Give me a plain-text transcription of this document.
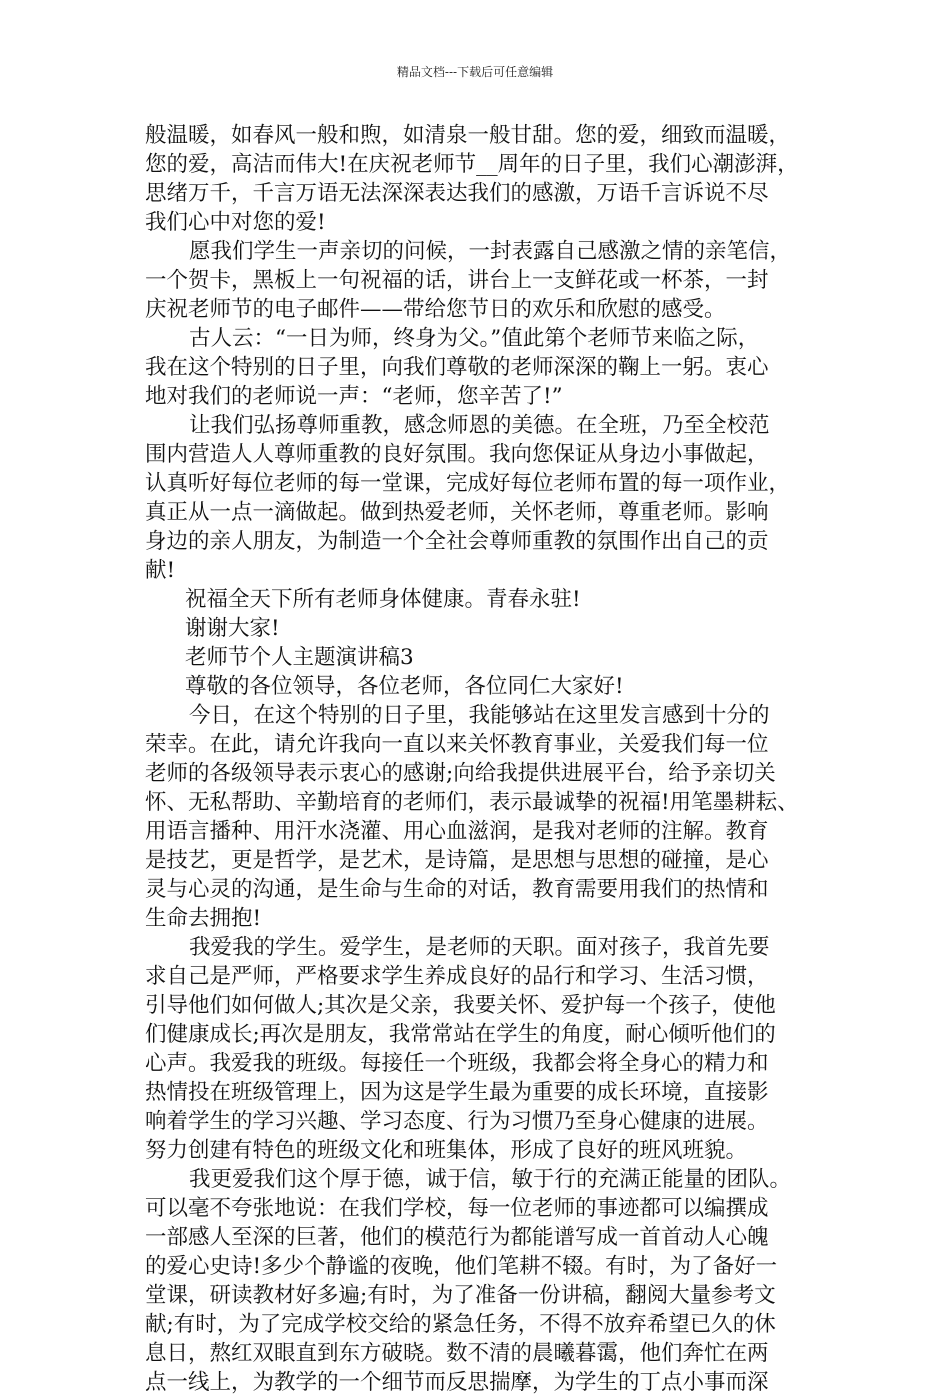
精品文档---下载后可任意编辑
般温暖，如春风一般和煦，如清泉一般甘甜。您的爱，细致而温暖，
您的爱，高洁而伟大!在庆祝老师节__周年的日子里，我们心潮澎湃，
思绪万千，千言万语无法深深表达我们的感激，万语千言诉说不尽
我们心中对您的爱!
愿我们学生一声亲切的问候，一封表露自己感激之情的亲笔信，
一个贺卡，黑板上一句祝福的话，讲台上一支鲜花或一杯茶，一封
庆祝老师节的电子邮件——带给您节日的欢乐和欣慰的感受。
古人云：“一日为师，终身为父。”值此第个老师节来临之际，
我在这个特别的日子里，向我们尊敬的老师深深的鞠上一躬。衷心
地对我们的老师说一声：“老师，您辛苦了!”
让我们弘扬尊师重教，感念师恩的美德。在全班，乃至全校范
围内营造人人尊师重教的良好氛围。我向您保证从身边小事做起，
认真听好每位老师的每一堂课，完成好每位老师布置的每一项作业，
真正从一点一滴做起。做到热爱老师，关怀老师，尊重老师。影响
身边的亲人朋友，为制造一个全社会尊师重教的氛围作出自己的贡
献!
祝福全天下所有老师身体健康。青春永驻!
谢谢大家!
老师节个人主题演讲稿3
尊敬的各位领导，各位老师，各位同仁大家好!
今日，在这个特别的日子里，我能够站在这里发言感到十分的
荣幸。在此，请允许我向一直以来关怀教育事业，关爱我们每一位
老师的各级领导表示衷心的感谢;向给我提供进展平台，给予亲切关
怀、无私帮助、辛勤培育的老师们，表示最诚挚的祝福!用笔墨耕耘、
用语言播种、用汗水浇灌、用心血滋润，是我对老师的注解。教育
是技艺，更是哲学，是艺术，是诗篇，是思想与思想的碰撞，是心
灵与心灵的沟通，是生命与生命的对话，教育需要用我们的热情和
生命去拥抱!
我爱我的学生。爱学生，是老师的天职。面对孩子，我首先要
求自己是严师，严格要求学生养成良好的品行和学习、生活习惯，
引导他们如何做人;其次是父亲，我要关怀、爱护每一个孩子，使他
们健康成长;再次是朋友，我常常站在学生的角度，耐心倾听他们的
心声。我爱我的班级。每接任一个班级，我都会将全身心的精力和
热情投在班级管理上，因为这是学生最为重要的成长环境，直接影
响着学生的学习兴趣、学习态度、行为习惯乃至身心健康的进展。
努力创建有特色的班级文化和班集体，形成了良好的班风班貌。
我更爱我们这个厚于德，诚于信，敏于行的充满正能量的团队。
可以毫不夸张地说：在我们学校，每一位老师的事迹都可以编撰成
一部感人至深的巨著，他们的模范行为都能谱写成一首首动人心魄
的爱心史诗!多少个静谧的夜晚，他们笔耕不辍。有时，为了备好一
堂课，研读教材好多遍;有时，为了准备一份讲稿，翻阅大量参考文
献;有时，为了完成学校交给的紧急任务，不得不放弃希望已久的休
息日，熬红双眼直到东方破晓。数不清的晨曦暮霭，他们奔忙在两
点一线上，为教学的一个细节而反思揣摩，为学生的丁点小事而深
